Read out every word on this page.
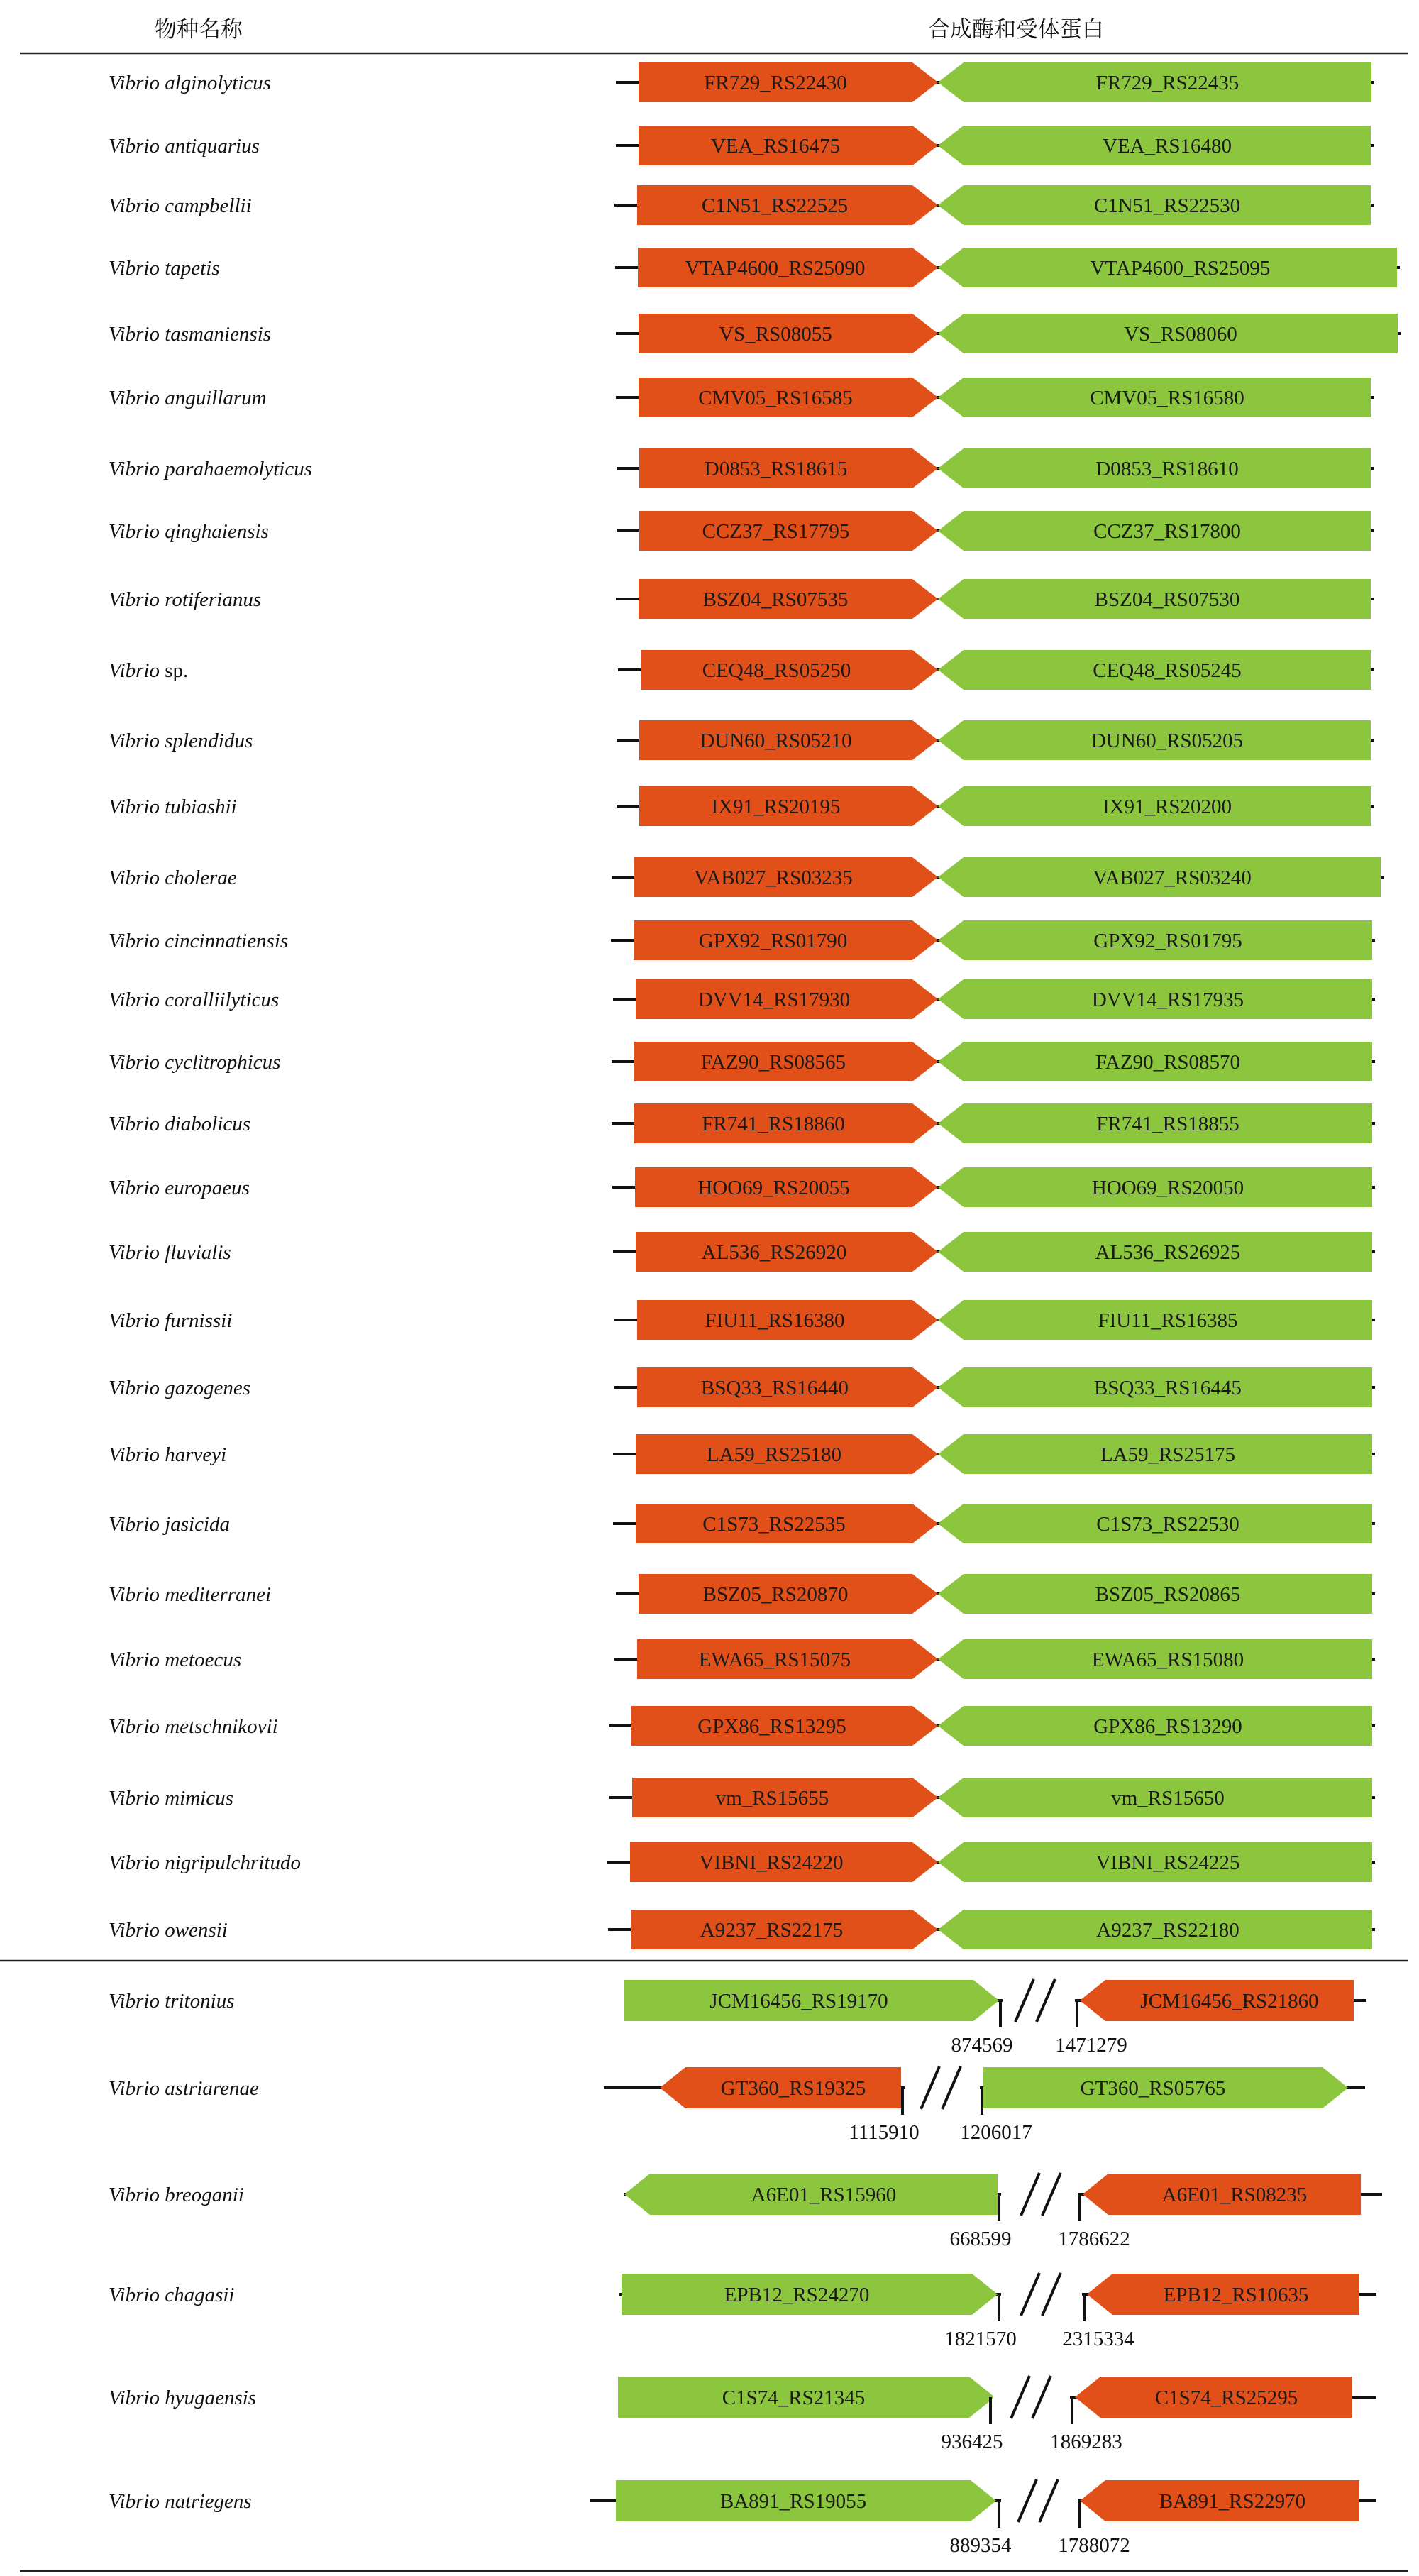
物种名称	合成酶和受体蛋白
Vibrio alginolyticus	FR729_RS22430	FR729_RS22435
Vibrio antiquarius	VEA_RS16475	VEA_RS16480
Vibrio campbellii	C1N51_RS22525	C1N51_RS22530
Vibrio tapetis	VTAP4600_RS25090	VTAP4600_RS25095
Vibrio tasmaniensis	VS_RS08055	VS_RS08060
Vibrio anguillarum	CMV05_RS16585	CMV05_RS16580
Vibrio parahaemolyticus	D0853_RS18615	D0853_RS18610
Vibrio qinghaiensis	CCZ37_RS17795	CCZ37_RS17800
Vibrio rotiferianus	BSZ04_RS07535	BSZ04_RS07530
Vibrio sp.	CEQ48_RS05250	CEQ48_RS05245
Vibrio splendidus	DUN60_RS05210	DUN60_RS05205
Vibrio tubiashii	IX91_RS20195	IX91_RS20200
Vibrio cholerae	VAB027_RS03235	VAB027_RS03240
Vibrio cincinnatiensis	GPX92_RS01790	GPX92_RS01795
Vibrio coralliilyticus	DVV14_RS17930	DVV14_RS17935
Vibrio cyclitrophicus	FAZ90_RS08565	FAZ90_RS08570
Vibrio diabolicus	FR741_RS18860	FR741_RS18855
Vibrio europaeus	HOO69_RS20055	HOO69_RS20050
Vibrio fluvialis	AL536_RS26920	AL536_RS26925
Vibrio furnissii	FIU11_RS16380	FIU11_RS16385
Vibrio gazogenes	BSQ33_RS16440	BSQ33_RS16445
Vibrio harveyi	LA59_RS25180	LA59_RS25175
Vibrio jasicida	C1S73_RS22535	C1S73_RS22530
Vibrio mediterranei	BSZ05_RS20870	BSZ05_RS20865
Vibrio metoecus	EWA65_RS15075	EWA65_RS15080
Vibrio metschnikovii	GPX86_RS13295	GPX86_RS13290
Vibrio mimicus	vm_RS15655	vm_RS15650
Vibrio nigripulchritudo	VIBNI_RS24220	VIBNI_RS24225
Vibrio owensii	A9237_RS22175	A9237_RS22180
Vibrio tritonius	JCM16456_RS19170	JCM16456_RS21860
874569 1471279
Vibrio astriarenae	GT360_RS19325	GT360_RS05765
1115910 1206017
Vibrio breoganii	A6E01_RS15960	A6E01_RS08235
668599 1786622
Vibrio chagasii	EPB12_RS24270	EPB12_RS10635
1821570 2315334
Vibrio hyugaensis	C1S74_RS21345	C1S74_RS25295
936425 1869283
Vibrio natriegens	BA891_RS19055	BA891_RS22970
889354 1788072
